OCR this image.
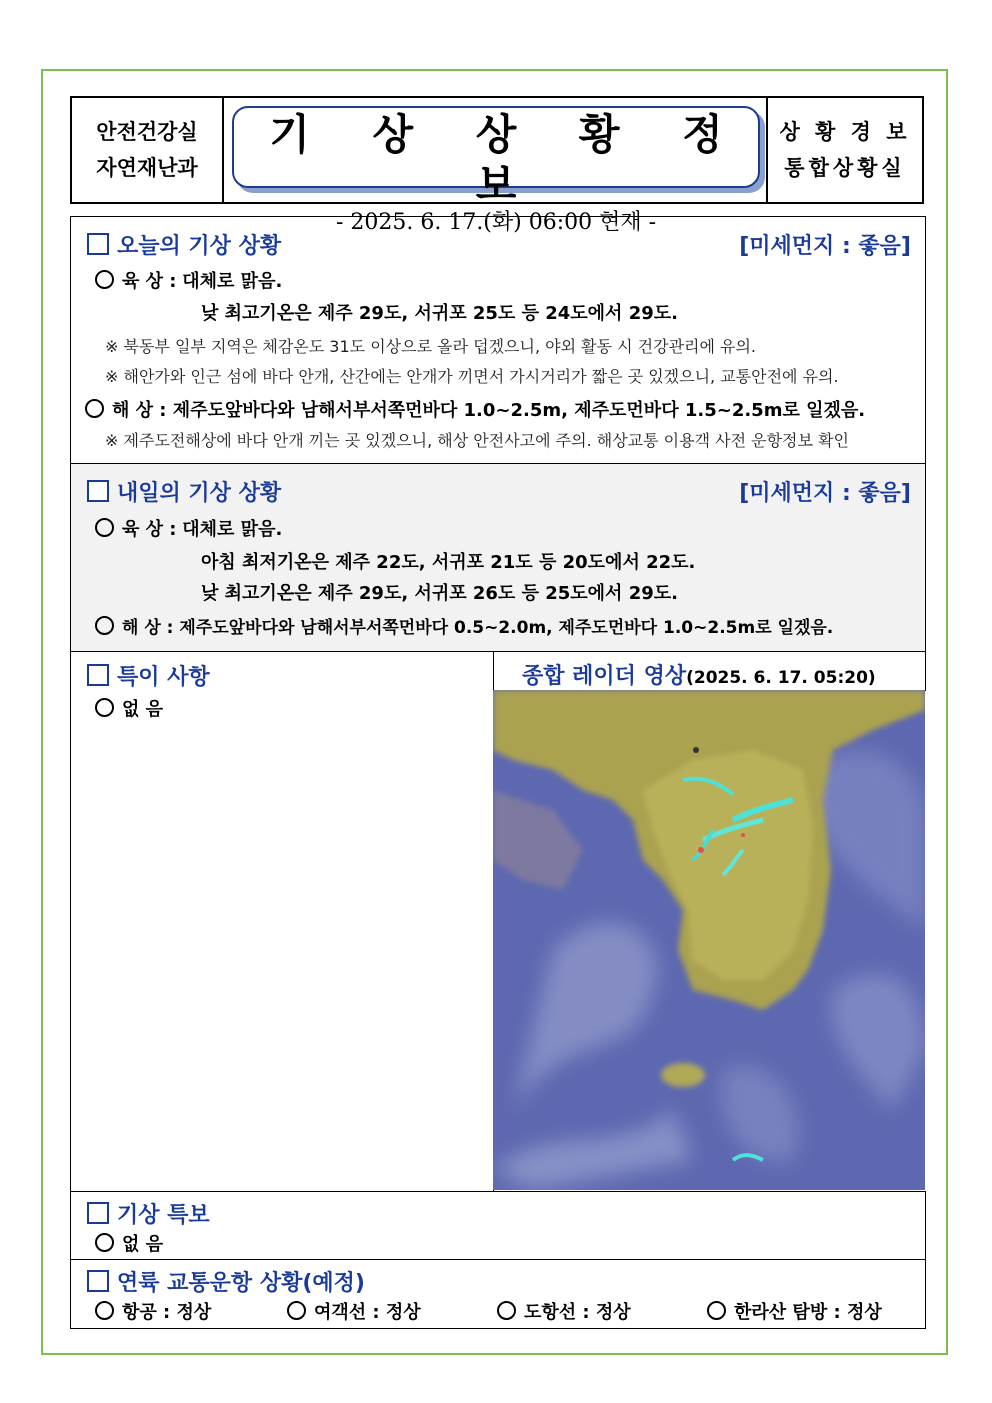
안전건강실
자연재난과
기 상 상 황 정 보
- 2025. 6. 17.(화) 06:00 현재 -
상 황 경 보
통합상황실
오늘의 기상 상황	[미세먼지 : 좋음]
육 상 : 대체로 맑음.
낮 최고기온은 제주 29도, 서귀포 25도 등 24도에서 29도.
※ 북동부 일부 지역은 체감온도 31도 이상으로 올라 덥겠으니, 야외 활동 시 건강관리에 유의.
※ 해안가와 인근 섬에 바다 안개, 산간에는 안개가 끼면서 가시거리가 짧은 곳 있겠으니, 교통안전에 유의.
해 상 : 제주도앞바다와 남해서부서쪽먼바다 1.0~2.5m, 제주도먼바다 1.5~2.5m로 일겠음.
※ 제주도전해상에 바다 안개 끼는 곳 있겠으니, 해상 안전사고에 주의. 해상교통 이용객 사전 운항정보 확인
내일의 기상 상황	[미세먼지 : 좋음]
육 상 : 대체로 맑음.
아침 최저기온은 제주 22도, 서귀포 21도 등 20도에서 22도.
낮 최고기온은 제주 29도, 서귀포 26도 등 25도에서 29도.
해 상 : 제주도앞바다와 남해서부서쪽먼바다 0.5~2.0m, 제주도먼바다 1.0~2.5m로 일겠음.
특이 사항
없 음
종합 레이더 영상(2025. 6. 17. 05:20)
기상 특보
없 음
연륙 교통운항 상황(예정)
항공 : 정상	여객선 : 정상	도항선 : 정상	한라산 탐방 : 정상
